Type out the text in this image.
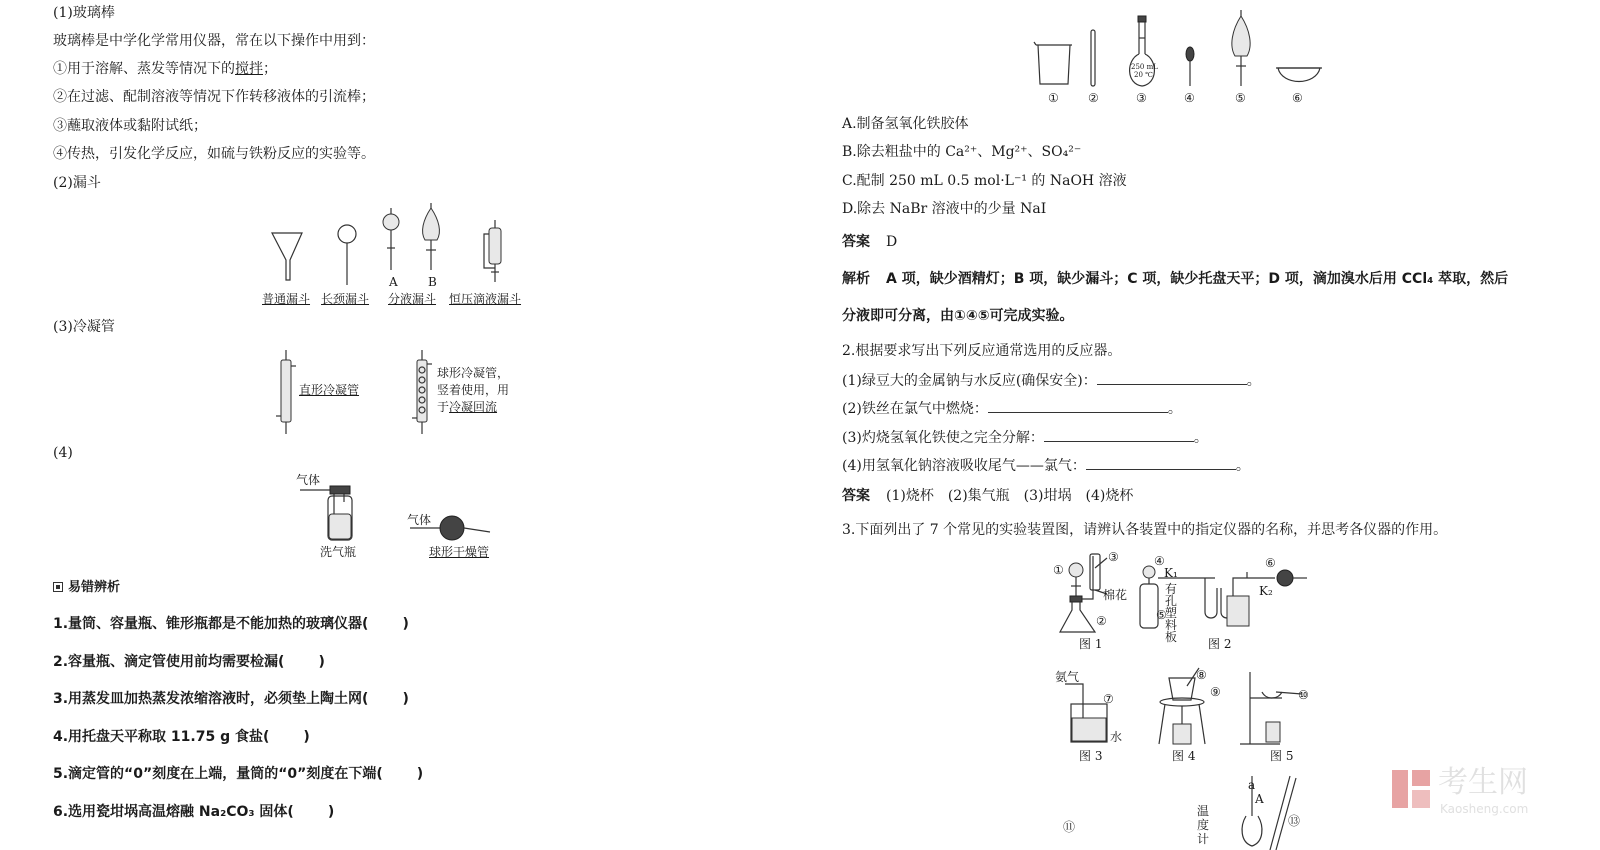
(1)玻璃棒
玻璃棒是中学化学常用仪器，常在以下操作中用到：
①用于溶解、蒸发等情况下的搅拌；
②在过滤、配制溶液等情况下作转移液体的引流棒；
③蘸取液体或黏附试纸；
④传热，引发化学反应，如硫与铁粉反应的实验等。
(2)漏斗
A	B
普通漏斗 长颈漏斗 分液漏斗 恒压滴液漏斗
(3)冷凝管
直形冷凝管
球形冷凝管，
竖着使用，用
于冷凝回流
(4)
气体
洗气瓶
气体
球形干燥管
易错辨析
1.量筒、容量瓶、锥形瓶都是不能加热的玻璃仪器( )
2.容量瓶、滴定管使用前均需要检漏( )
3.用蒸发皿加热蒸发浓缩溶液时，必须垫上陶土网( )
4.用托盘天平称取 11.75 g 食盐( )
5.滴定管的“0”刻度在上端，量筒的“0”刻度在下端( )
6.选用瓷坩埚高温熔融 Na₂CO₃ 固体( )
250 mL
20 ℃
① ②	③	④	⑤	⑥
A.制备氢氧化铁胶体
B.除去粗盐中的 Ca²⁺、Mg²⁺、SO₄²⁻
C.配制 250 mL 0.5 mol·L⁻¹ 的 NaOH 溶液
D.除去 NaBr 溶液中的少量 NaI
答案 D
解析 A 项，缺少酒精灯；B 项，缺少漏斗；C 项，缺少托盘天平；D 项，滴加溴水后用 CCl₄ 萃取，然后
分液即可分离，由①④⑤可完成实验。
2.根据要求写出下列反应通常选用的反应器。
(1)绿豆大的金属钠与水反应(确保安全)：	。
(2)铁丝在氯气中燃烧：	。
(3)灼烧氢氧化铁使之完全分解：	。
(4)用氢氧化钠溶液吸收尾气——氯气：	。
答案 (1)烧杯　(2)集气瓶　(3)坩埚　(4)烧杯
3.下面列出了 7 个常见的实验装置图，请辨认各装置中的指定仪器的名称，并思考各仪器的作用。
①
②
③
棉花
图 1
④
K₁
⑥
K₂
⑤
有
孔
塑
料
板	图 2
氨气
⑦
水
图 3
⑧
⑨
图 4
⑩
图 5
a
A
⑪	⑬
温
度
计
考生网
Kaosheng.com
